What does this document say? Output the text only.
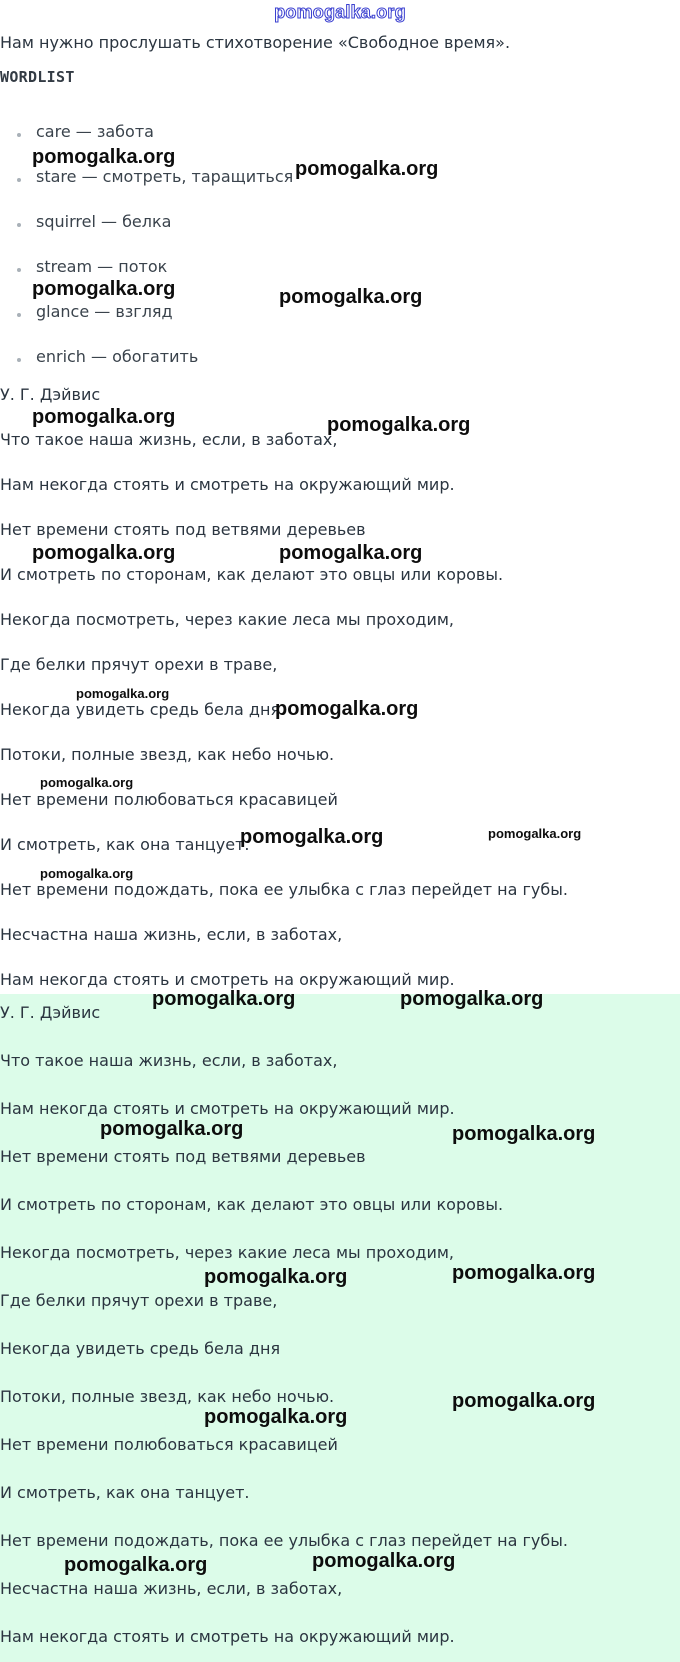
pomogalka.org
Нам нужно прослушать стихотворение «Свободное время».
WORDLIST
care — забота
stare — смотреть, таращиться
squirrel — белка
stream — поток
glance — взгляд
enrich — обогатить
У. Г. Дэйвис
Что такое наша жизнь, если, в заботах,
Нам некогда стоять и смотреть на окружающий мир.
Нет времени стоять под ветвями деревьев
И смотреть по сторонам, как делают это овцы или коровы.
Некогда посмотреть, через какие леса мы проходим,
Где белки прячут орехи в траве,
Некогда увидеть средь бела дня
Потоки, полные звезд, как небо ночью.
Нет времени полюбоваться красавицей
И смотреть, как она танцует.
Нет времени подождать, пока ее улыбка с глаз перейдет на губы.
Несчастна наша жизнь, если, в заботах,
Нам некогда стоять и смотреть на окружающий мир.
У. Г. Дэйвис
Что такое наша жизнь, если, в заботах,
Нам некогда стоять и смотреть на окружающий мир.
Нет времени стоять под ветвями деревьев
И смотреть по сторонам, как делают это овцы или коровы.
Некогда посмотреть, через какие леса мы проходим,
Где белки прячут орехи в траве,
Некогда увидеть средь бела дня
Потоки, полные звезд, как небо ночью.
Нет времени полюбоваться красавицей
И смотреть, как она танцует.
Нет времени подождать, пока ее улыбка с глаз перейдет на губы.
Несчастна наша жизнь, если, в заботах,
Нам некогда стоять и смотреть на окружающий мир.
pomogalka.org
pomogalka.org
pomogalka.org	pomogalka.org
pomogalka.org	pomogalka.org
pomogalka.org	pomogalka.org
pomogalka.org
pomogalka.org
pomogalka.org
pomogalka.org	pomogalka.org
pomogalka.org
pomogalka.org	pomogalka.org
pomogalka.org	pomogalka.org
pomogalka.org	pomogalka.org
pomogalka.org
pomogalka.org
pomogalka.org	pomogalka.org
